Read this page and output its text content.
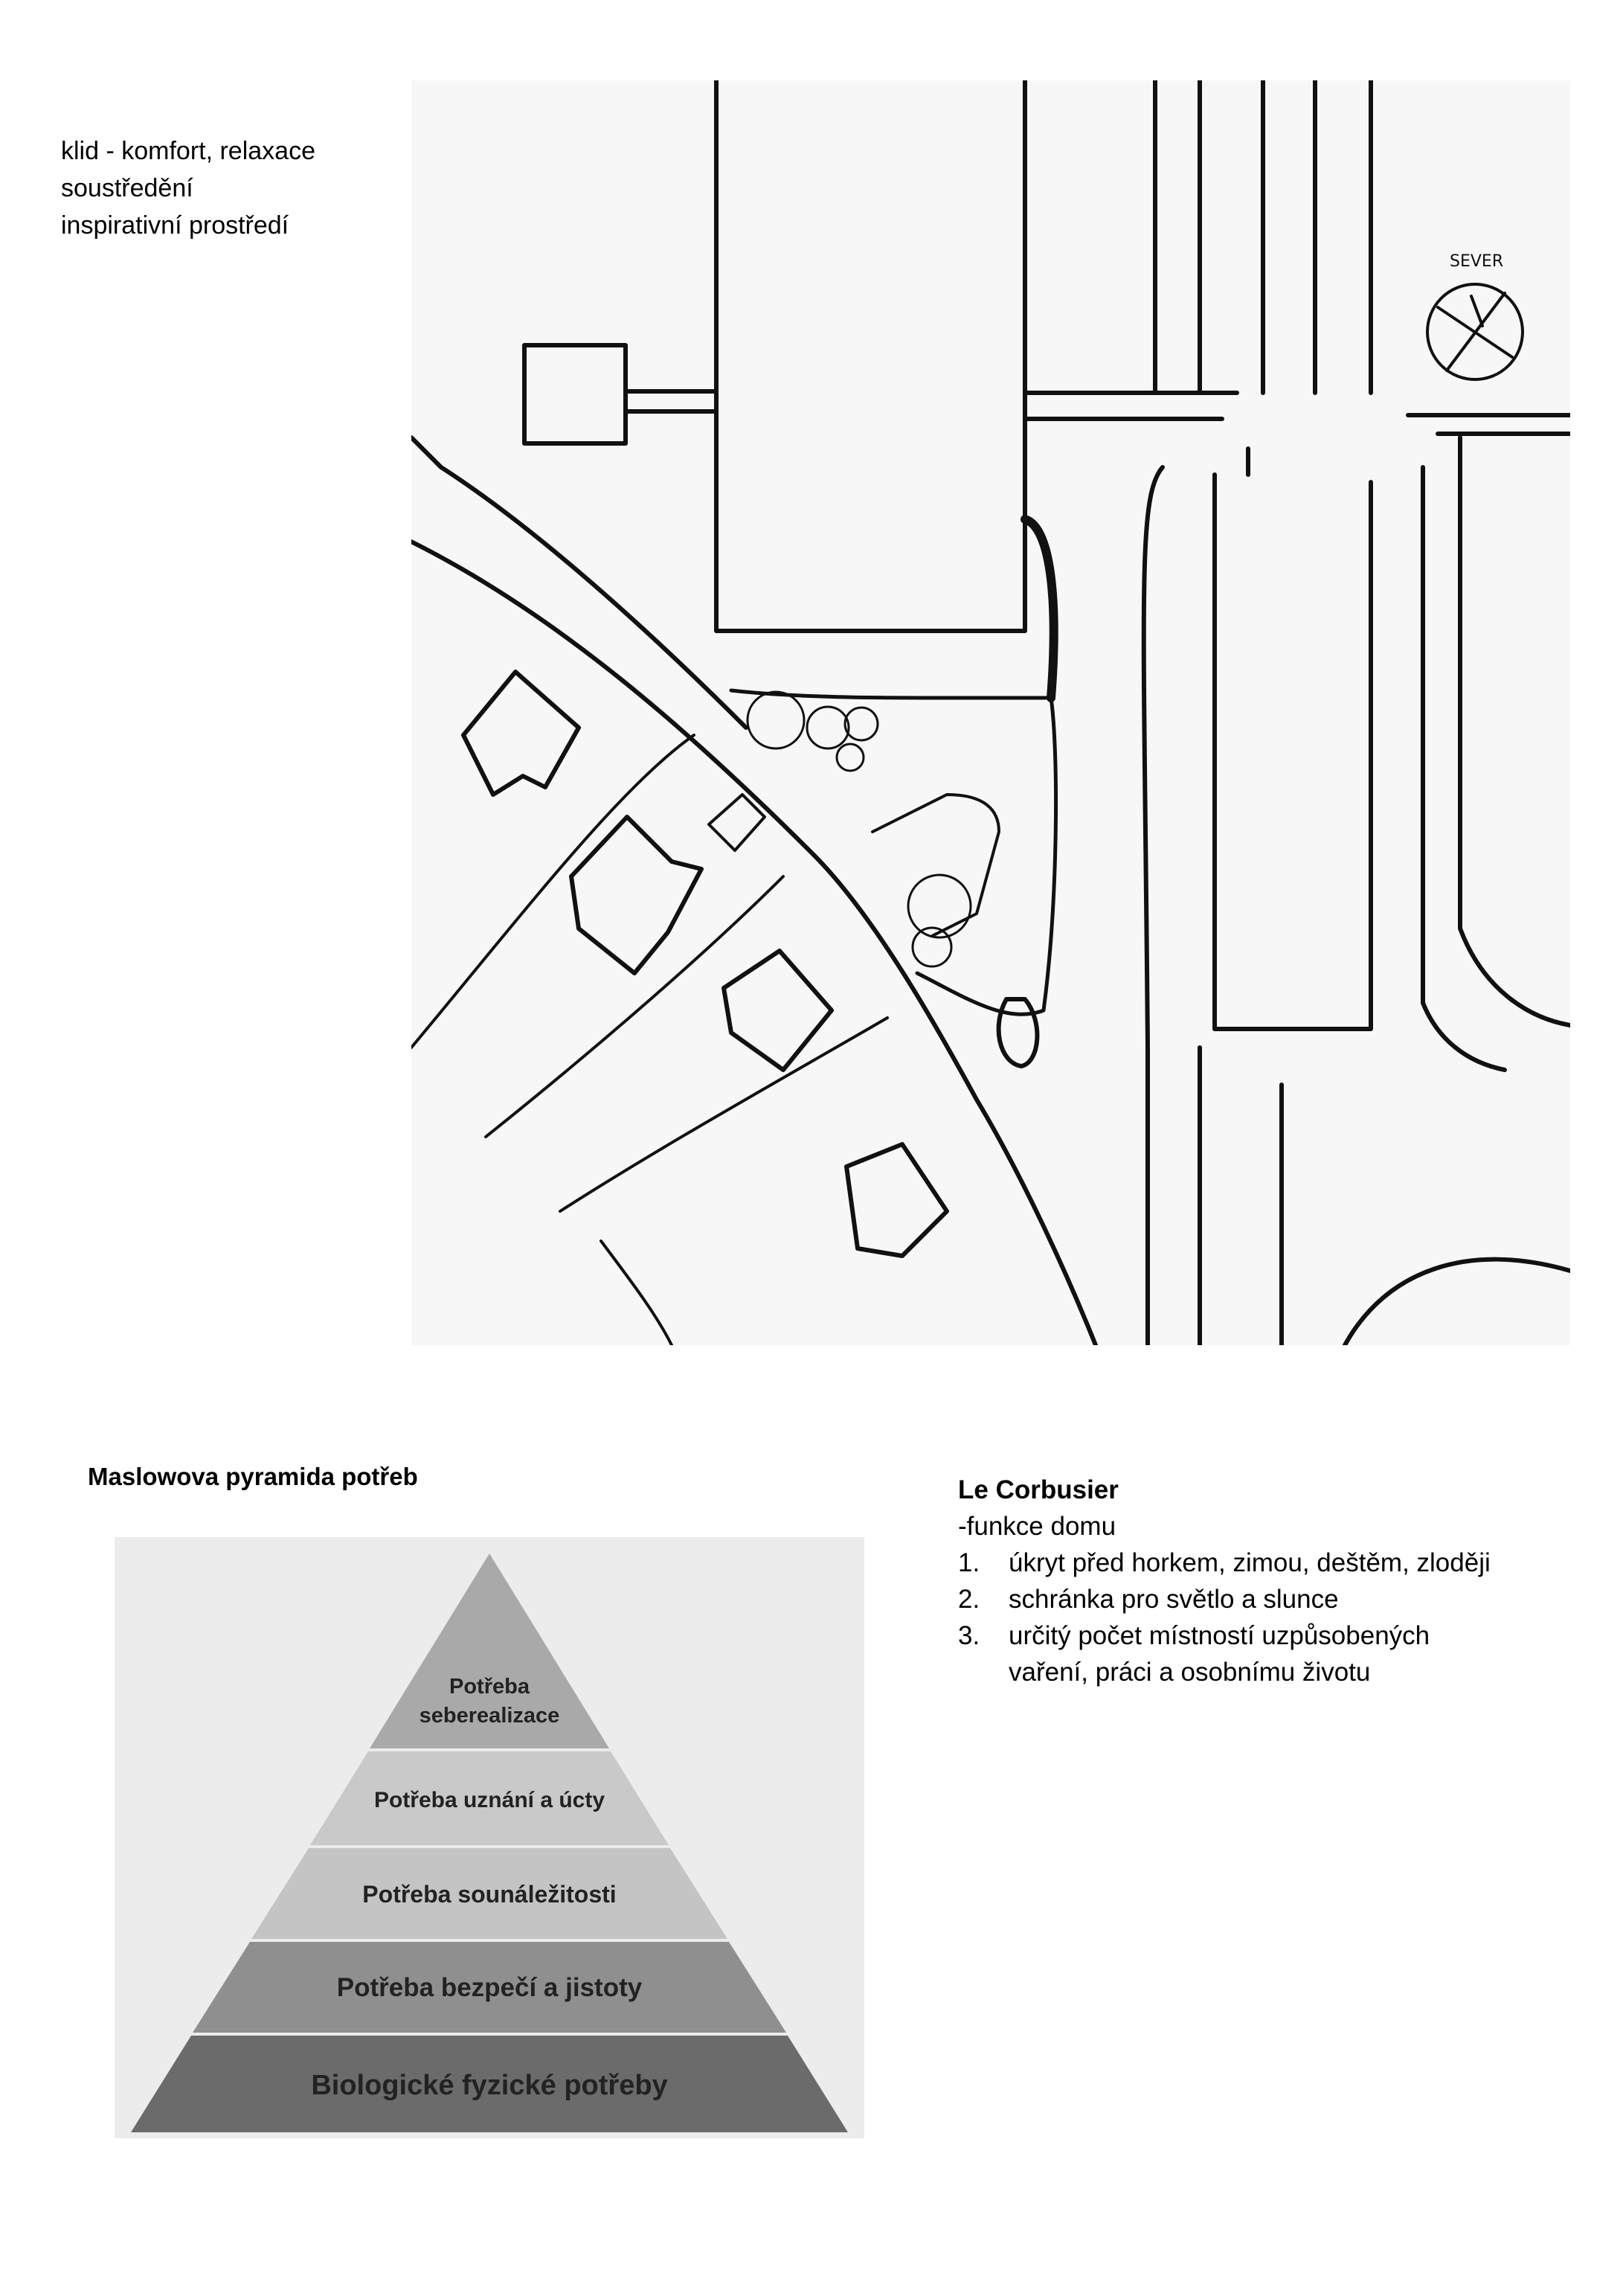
klid - komfort, relaxace
soustředění
inspirativní prostředí
SEVER
Maslowova pyramida potřeb
Potřeba
seberealizace
Potřeba uznání a úcty
Potřeba sounáležitosti
Potřeba bezpečí a jistoty
Biologické fyzické potřeby
Le Corbusier
-funkce domu
1.	úkryt před horkem, zimou, deštěm, zloději
2.	schránka pro světlo a slunce
3.	určitý počet místností uzpůsobených
vaření, práci a osobnímu životu
